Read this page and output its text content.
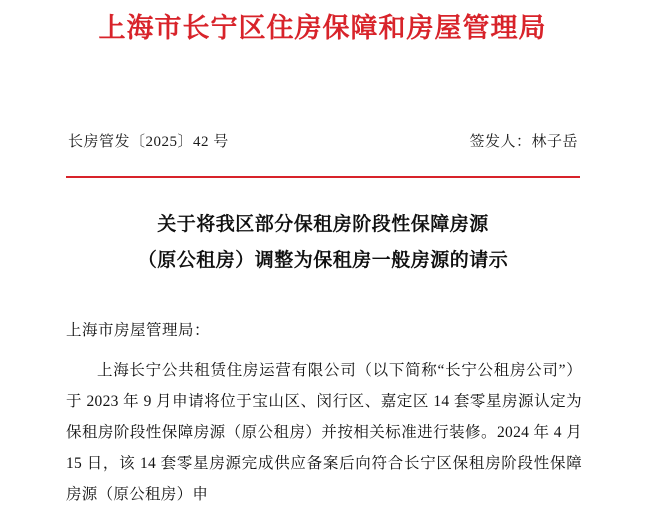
上海市长宁区住房保障和房屋管理局
长房管发〔2025〕42 号	签发人：林子岳
关于将我区部分保租房阶段性保障房源
（原公租房）调整为保租房一般房源的请示
上海市房屋管理局：

上海长宁公共租赁住房运营有限公司（以下简称“长宁公租房公司”）于 2023 年 9 月申请将位于宝山区、闵行区、嘉定区 14 套零星房源认定为保租房阶段性保障房源（原公租房）并按相关标准进行装修。2024 年 4 月 15 日，该 14 套零星房源完成供应备案后向符合长宁区保租房阶段性保障房源（原公租房）申
